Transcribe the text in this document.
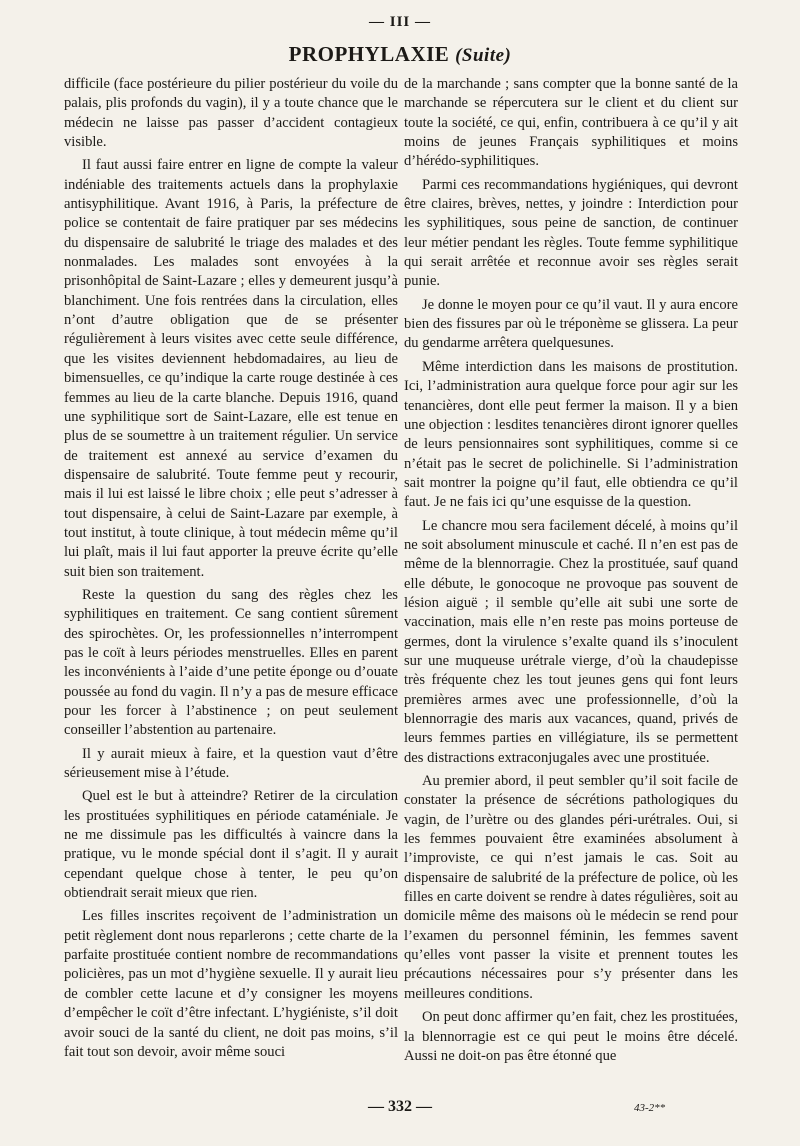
— III —
PROPHYLAXIE (Suite)

difficile (face postérieure du pilier postérieur du voile du palais, plis profonds du vagin), il y a toute chance que le médecin ne laisse pas passer d’accident contagieux visible.

Il faut aussi faire entrer en ligne de compte la valeur indéniable des traitements actuels dans la prophylaxie antisyphilitique. Avant 1916, à Paris, la préfecture de police se contentait de faire pratiquer par ses médecins du dispensaire de salubrité le triage des malades et des nonmalades. Les malades sont envoyées à la prisonhôpital de Saint-Lazare ; elles y demeurent jusqu’à blanchiment. Une fois rentrées dans la circulation, elles n’ont d’autre obligation que de se présenter régulièrement à leurs visites avec cette seule différence, que les visites deviennent hebdomadaires, au lieu de bimensuelles, ce qu’indique la carte rouge destinée à ces femmes au lieu de la carte blanche. Depuis 1916, quand une syphilitique sort de Saint-Lazare, elle est tenue en plus de se soumettre à un traitement régulier. Un service de traitement est annexé au service d’examen du dispensaire de salubrité. Toute femme peut y recourir, mais il lui est laissé le libre choix ; elle peut s’adresser à tout dispensaire, à celui de Saint-Lazare par exemple, à tout institut, à toute clinique, à tout médecin même qu’il lui plaît, mais il lui faut apporter la preuve écrite qu’elle suit bien son traitement.

Reste la question du sang des règles chez les syphilitiques en traitement. Ce sang contient sûrement des spirochètes. Or, les professionnelles n’interrompent pas le coït à leurs périodes menstruelles. Elles en parent les inconvénients à l’aide d’une petite éponge ou d’ouate poussée au fond du vagin. Il n’y a pas de mesure efficace pour les forcer à l’abstinence ; on peut seulement conseiller l’abstention au partenaire.

Il y aurait mieux à faire, et la question vaut d’être sérieusement mise à l’étude.

Quel est le but à atteindre? Retirer de la circulation les prostituées syphilitiques en période cataméniale. Je ne me dissimule pas les difficultés à vaincre dans la pratique, vu le monde spécial dont il s’agit. Il y aurait cependant quelque chose à tenter, le peu qu’on obtiendrait serait mieux que rien.

Les filles inscrites reçoivent de l’administration un petit règlement dont nous reparlerons ; cette charte de la parfaite prostituée contient nombre de recommandations policières, pas un mot d’hygiène sexuelle. Il y aurait lieu de combler cette lacune et d’y consigner les moyens d’empêcher le coït d’être infectant. L’hygiéniste, s’il doit avoir souci de la santé du client, ne doit pas moins, s’il fait tout son devoir, avoir même souci

de la marchande ; sans compter que la bonne santé de la marchande se répercutera sur le client et du client sur toute la société, ce qui, enfin, contribuera à ce qu’il y ait moins de jeunes Français syphilitiques et moins d’hérédo-syphilitiques.

Parmi ces recommandations hygiéniques, qui devront être claires, brèves, nettes, y joindre : Interdiction pour les syphilitiques, sous peine de sanction, de continuer leur métier pendant les règles. Toute femme syphilitique qui serait arrêtée et reconnue avoir ses règles serait punie.

Je donne le moyen pour ce qu’il vaut. Il y aura encore bien des fissures par où le tréponème se glissera. La peur du gendarme arrêtera quelquesunes.

Même interdiction dans les maisons de prostitution. Ici, l’administration aura quelque force pour agir sur les tenancières, dont elle peut fermer la maison. Il y a bien une objection : lesdites tenancières diront ignorer quelles de leurs pensionnaires sont syphilitiques, comme si ce n’était pas le secret de polichinelle. Si l’administration sait montrer la poigne qu’il faut, elle obtiendra ce qu’il faut. Je ne fais ici qu’une esquisse de la question.

Le chancre mou sera facilement décelé, à moins qu’il ne soit absolument minuscule et caché. Il n’en est pas de même de la blennorragie. Chez la prostituée, sauf quand elle débute, le gonocoque ne provoque pas souvent de lésion aiguë ; il semble qu’elle ait subi une sorte de vaccination, mais elle n’en reste pas moins porteuse de germes, dont la virulence s’exalte quand ils s’inoculent sur une muqueuse urétrale vierge, d’où la chaudepisse très fréquente chez les tout jeunes gens qui font leurs premières armes avec une professionnelle, d’où la blennorragie des maris aux vacances, quand, privés de leurs femmes parties en villégiature, ils se permettent des distractions extraconjugales avec une prostituée.

Au premier abord, il peut sembler qu’il soit facile de constater la présence de sécrétions pathologiques du vagin, de l’urètre ou des glandes péri-urétrales. Oui, si les femmes pouvaient être examinées absolument à l’improviste, ce qui n’est jamais le cas. Soit au dispensaire de salubrité de la préfecture de police, où les filles en carte doivent se rendre à dates régulières, soit au domicile même des maisons où le médecin se rend pour l’examen du personnel féminin, les femmes savent qu’elles vont passer la visite et prennent toutes les précautions nécessaires pour s’y présenter dans les meilleures conditions.

On peut donc affirmer qu’en fait, chez les prostituées, la blennorragie est ce qui peut le moins être décelé. Aussi ne doit-on pas être étonné que

— 332 —	43-2**
